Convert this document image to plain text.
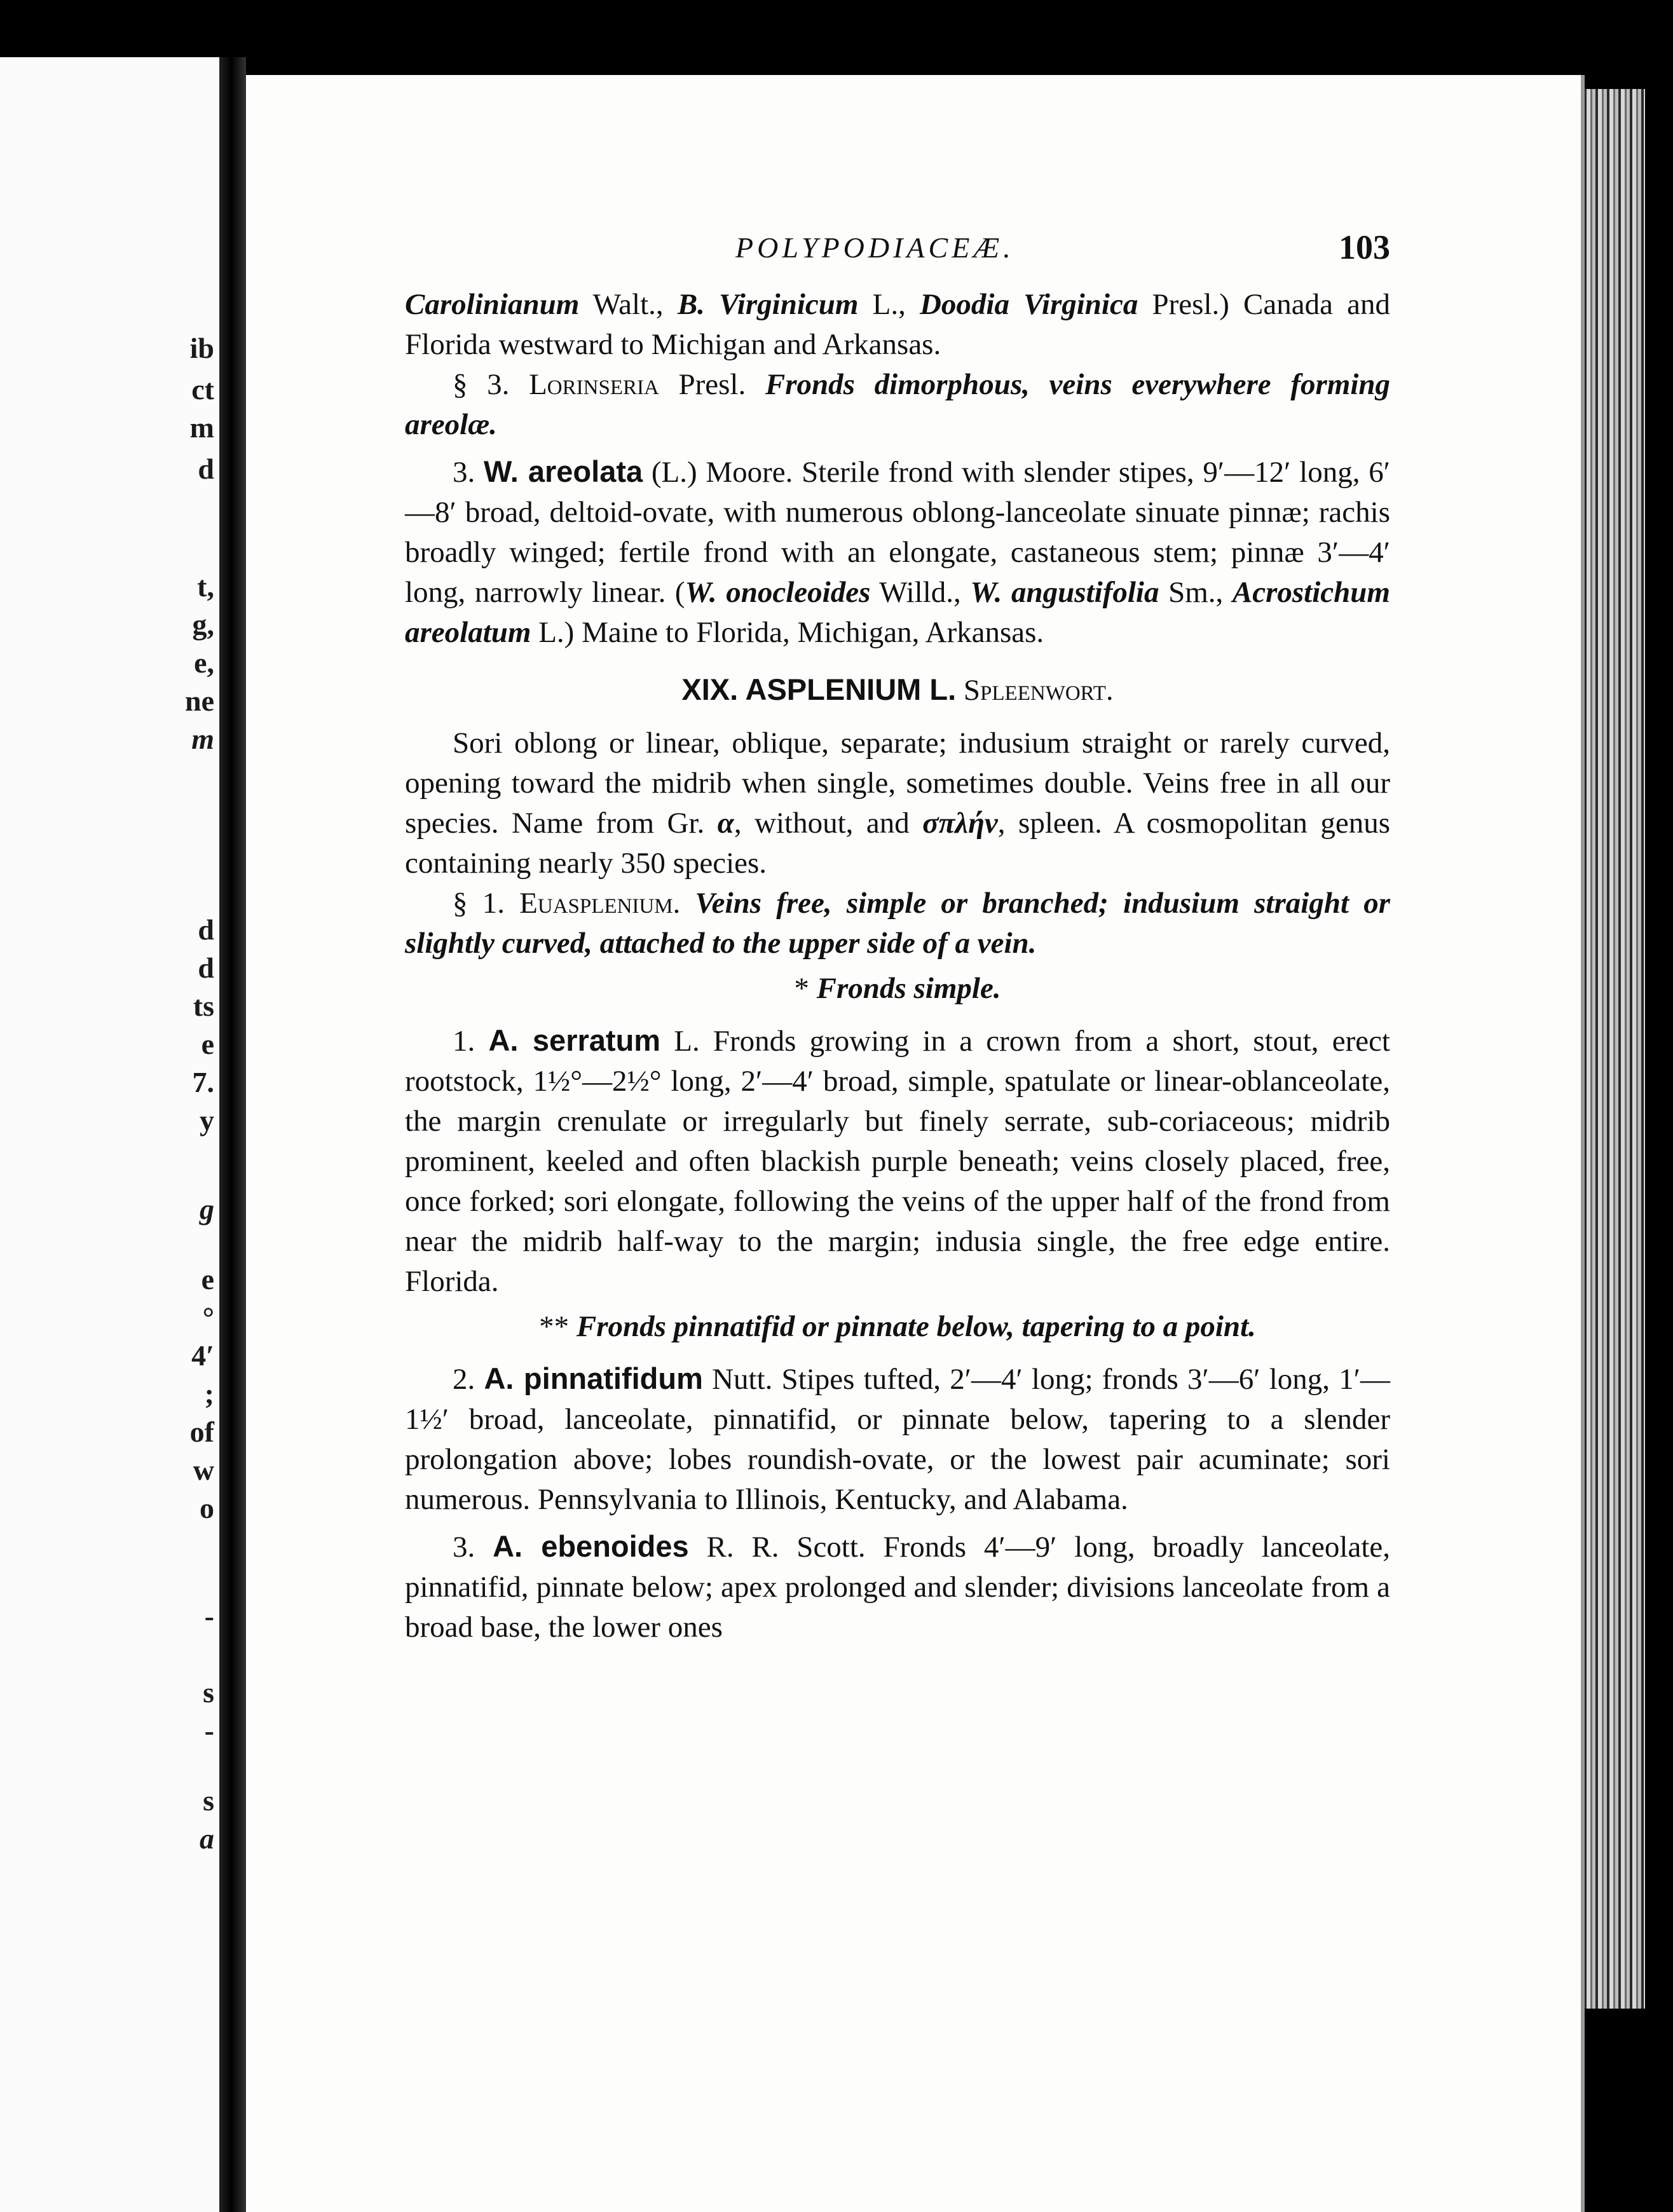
ib
ct
m
d
t,
g,
e,
ne
m
d
d
ts
e
7.
y
g
e
°
4′
;
of
w
o
-
s
-
s
a
POLYPODIACEÆ.	103

Carolinianum Walt., B. Virginicum L., Doodia Virginica Presl.) Canada and Florida westward to Michigan and Arkansas.

§ 3. Lorinseria Presl. Fronds dimorphous, veins everywhere forming areolæ.

3. W. areolata (L.) Moore. Sterile frond with slender stipes, 9′—12′ long, 6′—8′ broad, deltoid-ovate, with numerous oblong-lanceolate sinuate pinnæ; rachis broadly winged; fertile frond with an elongate, castaneous stem; pinnæ 3′—4′ long, narrowly linear. (W. onocleoides Willd., W. angustifolia Sm., Acrostichum areolatum L.) Maine to Florida, Michigan, Arkansas.

XIX. ASPLENIUM L. Spleenwort.

Sori oblong or linear, oblique, separate; indusium straight or rarely curved, opening toward the midrib when single, sometimes double. Veins free in all our species. Name from Gr. α, without, and σπλήν, spleen. A cosmopolitan genus containing nearly 350 species.

§ 1. Euasplenium. Veins free, simple or branched; indusium straight or slightly curved, attached to the upper side of a vein.

* Fronds simple.

1. A. serratum L. Fronds growing in a crown from a short, stout, erect rootstock, 1½°—2½° long, 2′—4′ broad, simple, spatulate or linear-oblanceolate, the margin crenulate or irregularly but finely serrate, sub-coriaceous; midrib prominent, keeled and often blackish purple beneath; veins closely placed, free, once forked; sori elongate, following the veins of the upper half of the frond from near the midrib half-way to the margin; indusia single, the free edge entire. Florida.

** Fronds pinnatifid or pinnate below, tapering to a point.

2. A. pinnatifidum Nutt. Stipes tufted, 2′—4′ long; fronds 3′—6′ long, 1′—1½′ broad, lanceolate, pinnatifid, or pinnate below, tapering to a slender prolongation above; lobes roundish-ovate, or the lowest pair acuminate; sori numerous. Pennsylvania to Illinois, Kentucky, and Alabama.

3. A. ebenoides R. R. Scott. Fronds 4′—9′ long, broadly lanceolate, pinnatifid, pinnate below; apex prolonged and slender; divisions lanceolate from a broad base, the lower ones
